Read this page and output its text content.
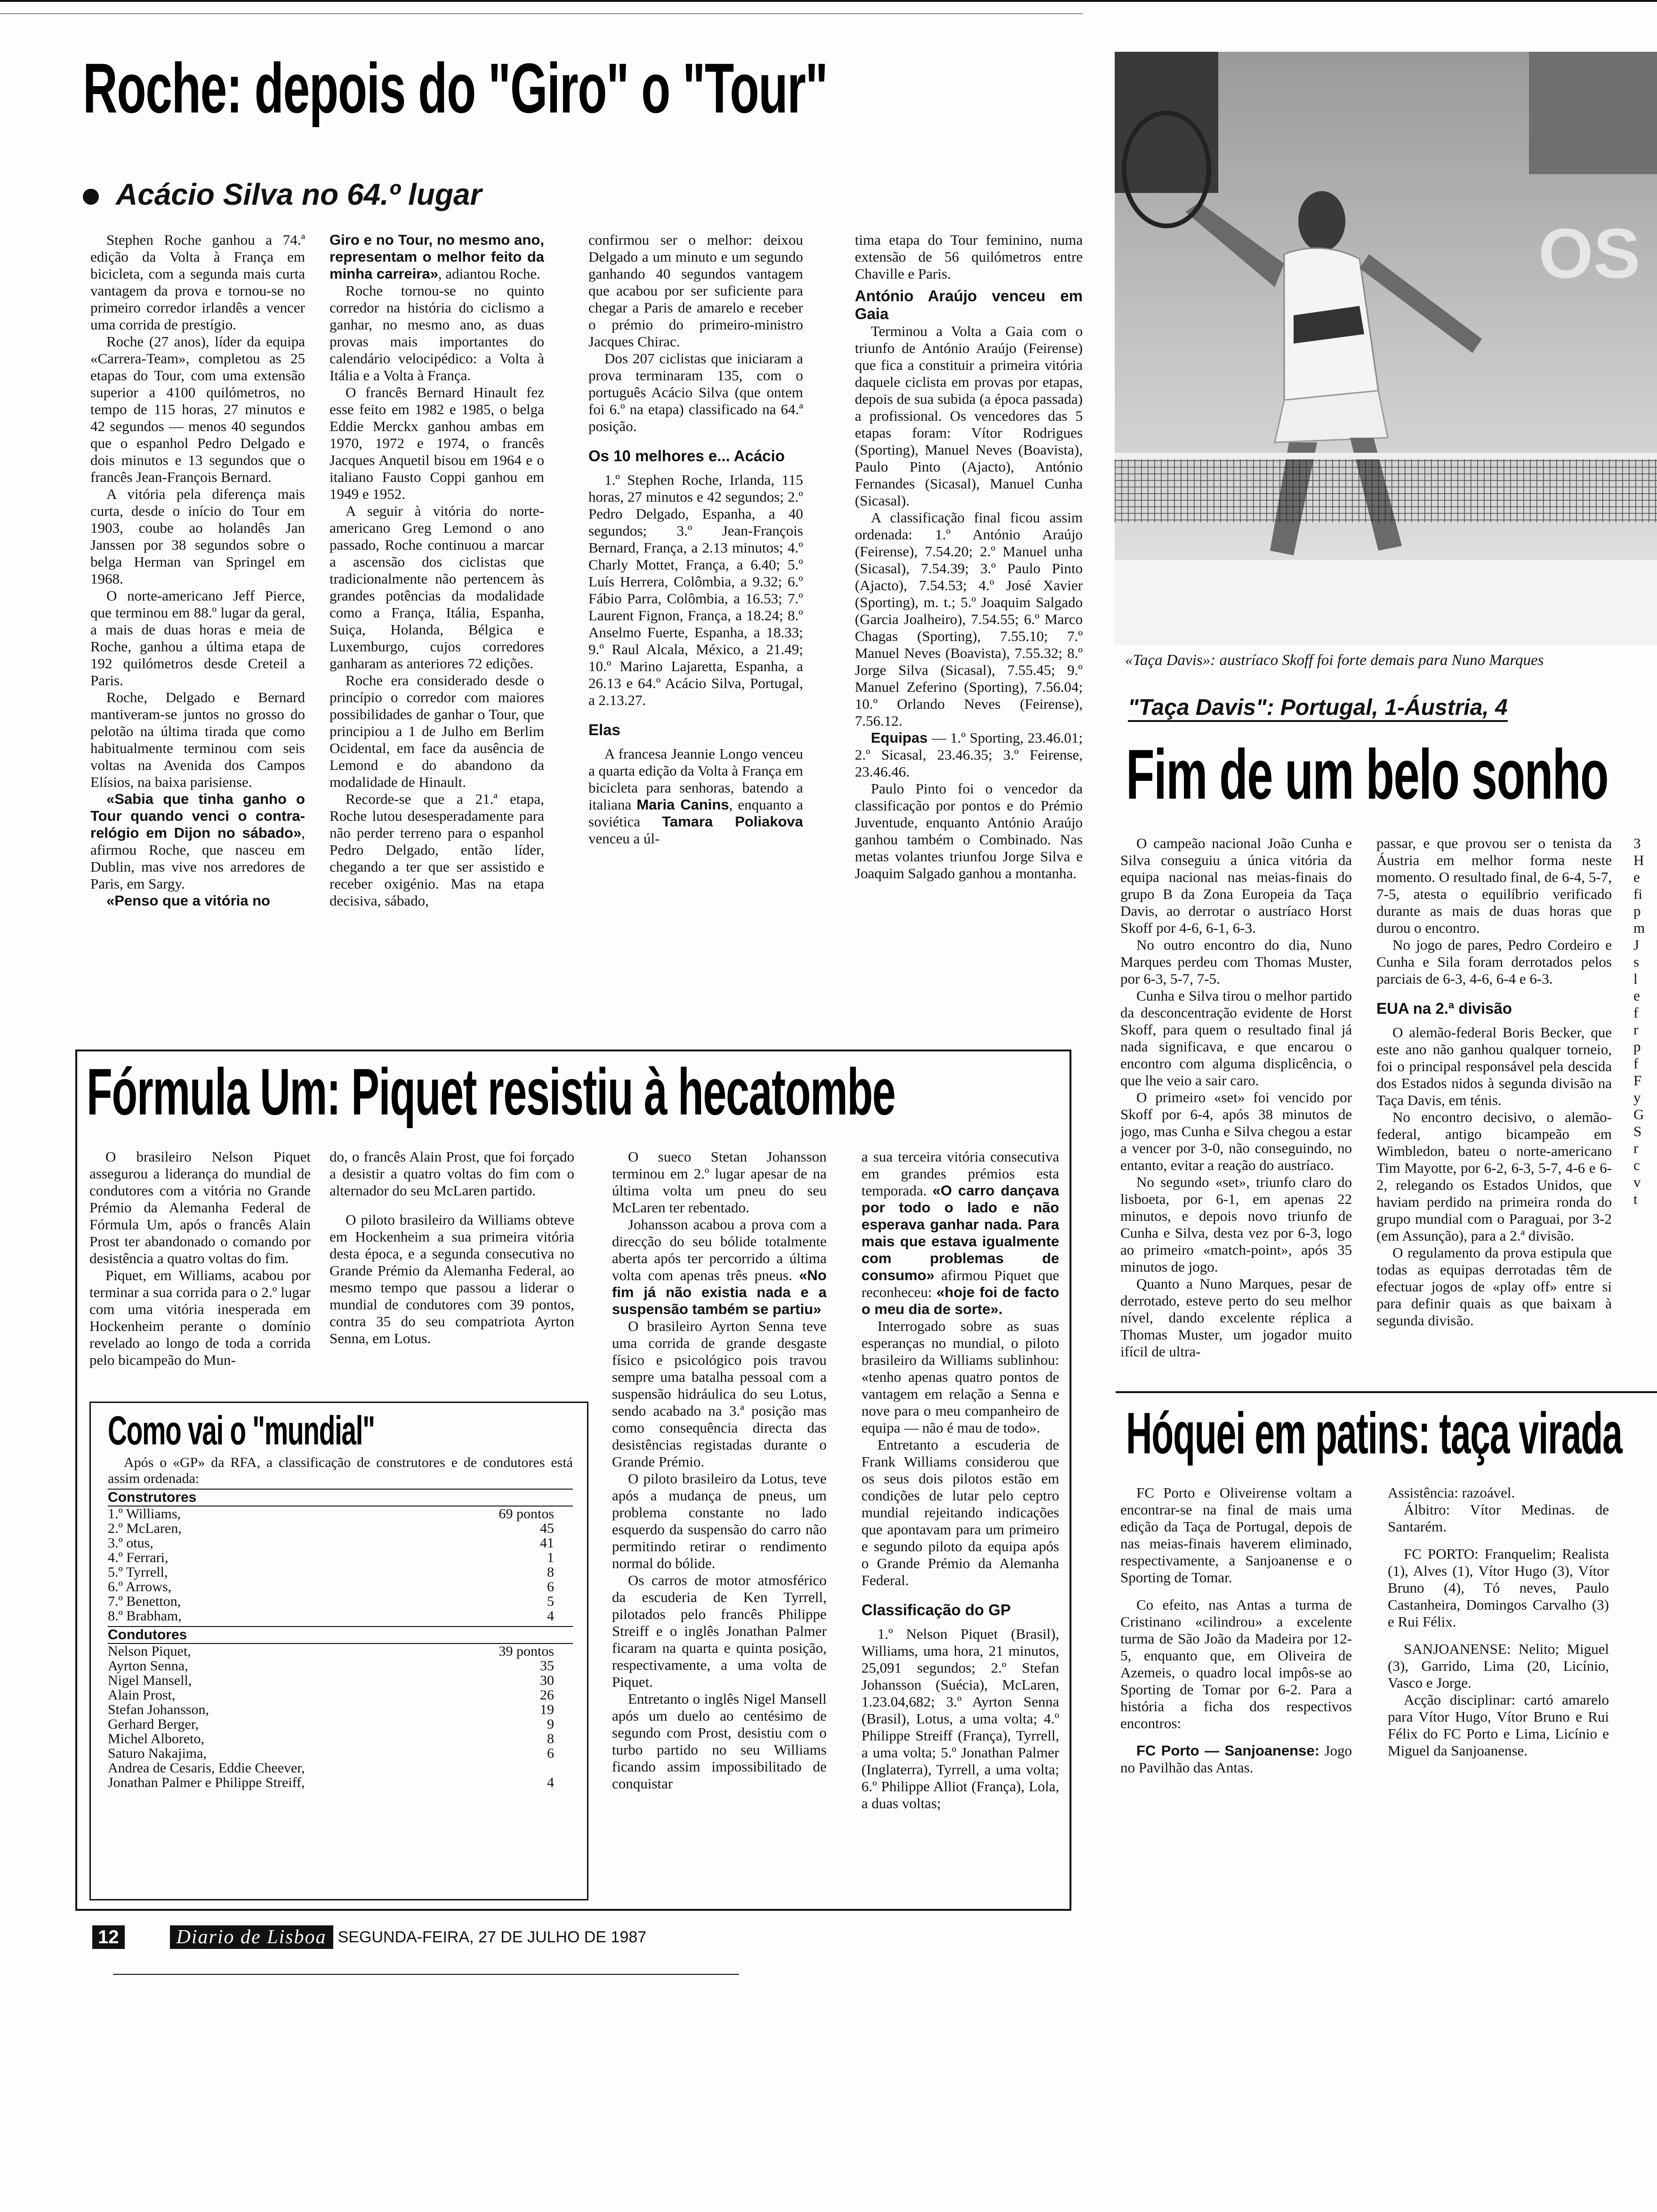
Roche: depois do "Giro" o "Tour"
Acácio Silva no 64.º lugar

Stephen Roche ganhou a 74.ª edição da Volta à França em bicicleta, com a segunda mais curta vantagem da prova e tornou-se no primeiro corredor irlandês a vencer uma corrida de prestígio.

Roche (27 anos), líder da equipa «Carrera-Team», completou as 25 etapas do Tour, com uma extensão superior a 4100 quilómetros, no tempo de 115 horas, 27 minutos e 42 segundos — menos 40 segundos que o espanhol Pedro Delgado e dois minutos e 13 segundos que o francês Jean-François Bernard.

A vitória pela diferença mais curta, desde o início do Tour em 1903, coube ao holandês Jan Janssen por 38 segundos sobre o belga Herman van Springel em 1968.

O norte-americano Jeff Pierce, que terminou em 88.º lugar da geral, a mais de duas horas e meia de Roche, ganhou a última etapa de 192 quilómetros desde Creteil a Paris.

Roche, Delgado e Bernard mantiveram-se juntos no grosso do pelotão na última tirada que como habitualmente terminou com seis voltas na Avenida dos Campos Elísios, na baixa parisiense.

«Sabia que tinha ganho o Tour quando venci o contra-relógio em Dijon no sábado», afirmou Roche, que nasceu em Dublin, mas vive nos arredores de Paris, em Sargy.

«Penso que a vitória no

Giro e no Tour, no mesmo ano, representam o melhor feito da minha carreira», adiantou Roche.

Roche tornou-se no quinto corredor na história do ciclismo a ganhar, no mesmo ano, as duas provas mais importantes do calendário velocipédico: a Volta à Itália e a Volta à França.

O francês Bernard Hinault fez esse feito em 1982 e 1985, o belga Eddie Merckx ganhou ambas em 1970, 1972 e 1974, o francês Jacques Anquetil bisou em 1964 e o italiano Fausto Coppi ganhou em 1949 e 1952.

A seguir à vitória do norte-americano Greg Lemond o ano passado, Roche continuou a marcar a ascensão dos ciclistas que tradicionalmente não pertencem às grandes potências da modalidade como a França, Itália, Espanha, Suiça, Holanda, Bélgica e Luxemburgo, cujos corredores ganharam as anteriores 72 edições.

Roche era considerado desde o princípio o corredor com maiores possibilidades de ganhar o Tour, que principiou a 1 de Julho em Berlim Ocidental, em face da ausência de Lemond e do abandono da modalidade de Hinault.

Recorde-se que a 21.ª etapa, Roche lutou desesperadamente para não perder terreno para o espanhol Pedro Delgado, então líder, chegando a ter que ser assistido e receber oxigénio. Mas na etapa decisiva, sábado,

confirmou ser o melhor: deixou Delgado a um minuto e um segundo ganhando 40 segundos vantagem que acabou por ser suficiente para chegar a Paris de amarelo e receber o prémio do primeiro-ministro Jacques Chirac.

Dos 207 ciclistas que iniciaram a prova terminaram 135, com o português Acácio Silva (que ontem foi 6.º na etapa) classificado na 64.ª posição.

Os 10 melhores e... Acácio

1.º Stephen Roche, Irlanda, 115 horas, 27 minutos e 42 segundos; 2.º Pedro Delgado, Espanha, a 40 segundos; 3.º Jean-François Bernard, França, a 2.13 minutos; 4.º Charly Mottet, França, a 6.40; 5.º Luís Herrera, Colômbia, a 9.32; 6.º Fábio Parra, Colômbia, a 16.53; 7.º Laurent Fignon, França, a 18.24; 8.º Anselmo Fuerte, Espanha, a 18.33; 9.º Raul Alcala, México, a 21.49; 10.º Marino Lajaretta, Espanha, a 26.13 e 64.º Acácio Silva, Portugal, a 2.13.27.

Elas

A francesa Jeannie Longo venceu a quarta edição da Volta à França em bicicleta para senhoras, batendo a italiana Maria Canins, enquanto a soviética Tamara Poliakova venceu a úl-

tima etapa do Tour feminino, numa extensão de 56 quilómetros entre Chaville e Paris.

António Araújo venceu em Gaia

Terminou a Volta a Gaia com o triunfo de António Araújo (Feirense) que fica a constituir a primeira vitória daquele ciclista em provas por etapas, depois de sua subida (a época passada) a profissional. Os vencedores das 5 etapas foram: Vítor Rodrigues (Sporting), Manuel Neves (Boavista), Paulo Pinto (Ajacto), António Fernandes (Sicasal), Manuel Cunha (Sicasal).

A classificação final ficou assim ordenada: 1.º António Araújo (Feirense), 7.54.20; 2.º Manuel unha (Sicasal), 7.54.39; 3.º Paulo Pinto (Ajacto), 7.54.53; 4.º José Xavier (Sporting), m. t.; 5.º Joaquim Salgado (Garcia Joalheiro), 7.54.55; 6.º Marco Chagas (Sporting), 7.55.10; 7.º Manuel Neves (Boavista), 7.55.32; 8.º Jorge Silva (Sicasal), 7.55.45; 9.º Manuel Zeferino (Sporting), 7.56.04; 10.º Orlando Neves (Feirense), 7.56.12.

Equipas — 1.º Sporting, 23.46.01; 2.º Sicasal, 23.46.35; 3.º Feirense, 23.46.46.

Paulo Pinto foi o vencedor da classificação por pontos e do Prémio Juventude, enquanto António Araújo ganhou também o Combinado. Nas metas volantes triunfou Jorge Silva e Joaquim Salgado ganhou a montanha.

Fórmula Um: Piquet resistiu à hecatombe

O brasileiro Nelson Piquet assegurou a liderança do mundial de condutores com a vitória no Grande Prémio da Alemanha Federal de Fórmula Um, após o francês Alain Prost ter abandonado o comando por desistência a quatro voltas do fim.

Piquet, em Williams, acabou por terminar a sua corrida para o 2.º lugar com uma vitória inesperada em Hockenheim perante o domínio revelado ao longo de toda a corrida pelo bicampeão do Mun-

do, o francês Alain Prost, que foi forçado a desistir a quatro voltas do fim com o alternador do seu McLaren partido.

O piloto brasileiro da Williams obteve em Hockenheim a sua primeira vitória desta época, e a segunda consecutiva no Grande Prémio da Alemanha Federal, ao mesmo tempo que passou a liderar o mundial de condutores com 39 pontos, contra 35 do seu compatriota Ayrton Senna, em Lotus.

O sueco Stetan Johansson terminou em 2.º lugar apesar de na última volta um pneu do seu McLaren ter rebentado.

Johansson acabou a prova com a direcção do seu bólide totalmente aberta após ter percorrido a última volta com apenas três pneus. «No fim já não existia nada e a suspensão também se partiu»

O brasileiro Ayrton Senna teve uma corrida de grande desgaste físico e psicológico pois travou sempre uma batalha pessoal com a suspensão hidráulica do seu Lotus, sendo acabado na 3.ª posição mas como consequência directa das desistências registadas durante o Grande Prémio.

O piloto brasileiro da Lotus, teve após a mudança de pneus, um problema constante no lado esquerdo da suspensão do carro não permitindo retirar o rendimento normal do bólide.

Os carros de motor atmosférico da escuderia de Ken Tyrrell, pilotados pelo francês Philippe Streiff e o inglês Jonathan Palmer ficaram na quarta e quinta posição, respectivamente, a uma volta de Piquet.

Entretanto o inglês Nigel Mansell após um duelo ao centésimo de segundo com Prost, desistiu com o turbo partido no seu Williams ficando assim impossibilitado de conquistar

a sua terceira vitória consecutiva em grandes prémios esta temporada. «O carro dançava por todo o lado e não esperava ganhar nada. Para mais que estava igualmente com problemas de consumo» afirmou Piquet que reconheceu: «hoje foi de facto o meu dia de sorte».

Interrogado sobre as suas esperanças no mundial, o piloto brasileiro da Williams sublinhou: «tenho apenas quatro pontos de vantagem em relação a Senna e nove para o meu companheiro de equipa — não é mau de todo».

Entretanto a escuderia de Frank Williams considerou que os seus dois pilotos estão em condições de lutar pelo ceptro mundial rejeitando indicações que apontavam para um primeiro e segundo piloto da equipa após o Grande Prémio da Alemanha Federal.

Classificação do GP

1.º Nelson Piquet (Brasil), Williams, uma hora, 21 minutos, 25,091 segundos; 2.º Stefan Johansson (Suécia), McLaren, 1.23.04,682; 3.º Ayrton Senna (Brasil), Lotus, a uma volta; 4.º Philippe Streiff (França), Tyrrell, a uma volta; 5.º Jonathan Palmer (Inglaterra), Tyrrell, a uma volta; 6.º Philippe Alliot (França), Lola, a duas voltas;

Como vai o "mundial"
Após o «GP» da RFA, a classificação de construtores e de condutores está assim ordenada:
Construtores
1.º Williams,	69 pontos
2.º McLaren,	45
3.º otus,	41
4.º Ferrari,	1
5.º Tyrrell,	8
6.º Arrows,	6
7.º Benetton,	5
8.º Brabham,	4
Condutores
Nelson Piquet,	39 pontos
Ayrton Senna,	35
Nigel Mansell,	30
Alain Prost,	26
Stefan Johansson,	19
Gerhard Berger,	9
Michel Alboreto,	8
Saturo Nakajima,	6
Andrea de Cesaris, Eddie Cheever,	
Jonathan Palmer e Philippe Streiff,	4
OS
«Taça Davis»: austríaco Skoff foi forte demais para Nuno Marques
"Taça Davis": Portugal, 1-Áustria, 4
Fim de um belo sonho

O campeão nacional João Cunha e Silva conseguiu a única vitória da equipa nacional nas meias-finais do grupo B da Zona Europeia da Taça Davis, ao derrotar o austríaco Horst Skoff por 4-6, 6-1, 6-3.

No outro encontro do dia, Nuno Marques perdeu com Thomas Muster, por 6-3, 5-7, 7-5.

Cunha e Silva tirou o melhor partido da desconcentração evidente de Horst Skoff, para quem o resultado final já nada significava, e que encarou o encontro com alguma displicência, o que lhe veio a sair caro.

O primeiro «set» foi vencido por Skoff por 6-4, após 38 minutos de jogo, mas Cunha e Silva chegou a estar a vencer por 3-0, não conseguindo, no entanto, evitar a reação do austríaco.

No segundo «set», triunfo claro do lisboeta, por 6-1, em apenas 22 minutos, e depois novo triunfo de Cunha e Silva, desta vez por 6-3, logo ao primeiro «match-point», após 35 minutos de jogo.

Quanto a Nuno Marques, pesar de derrotado, esteve perto do seu melhor nível, dando excelente réplica a Thomas Muster, um jogador muito ifícil de ultra-

passar, e que provou ser o tenista da Áustria em melhor forma neste momento. O resultado final, de 6-4, 5-7, 7-5, atesta o equilíbrio verificado durante as mais de duas horas que durou o encontro.

No jogo de pares, Pedro Cordeiro e Cunha e Sila foram derrotados pelos parciais de 6-3, 4-6, 6-4 e 6-3.

EUA na 2.ª divisão

O alemão-federal Boris Becker, que este ano não ganhou qualquer torneio, foi o principal responsável pela descida dos Estados nidos à segunda divisão na Taça Davis, em ténis.

No encontro decisivo, o alemão-federal, antigo bicampeão em Wimbledon, bateu o norte-americano Tim Mayotte, por 6-2, 6-3, 5-7, 4-6 e 6-2, relegando os Estados Unidos, que haviam perdido na primeira ronda do grupo mundial com o Paraguai, por 3-2 (em Assunção), para a 2.ª divisão.

O regulamento da prova estipula que todas as equipas derrotadas têm de efectuar jogos de «play off» entre si para definir quais as que baixam à segunda divisão.

3
H
e
fi
p
m
J
s
l
e
f
r
p
f
F
y
G
S
r
c
v
t
Hóquei em patins: taça virada

FC Porto e Oliveirense voltam a encontrar-se na final de mais uma edição da Taça de Portugal, depois de nas meias-finais haverem eliminado, respectivamente, a Sanjoanense e o Sporting de Tomar.

Co efeito, nas Antas a turma de Cristinano «cilindrou» a excelente turma de São João da Madeira por 12-5, enquanto que, em Oliveira de Azemeis, o quadro local impôs-se ao Sporting de Tomar por 6-2. Para a história a ficha dos respectivos encontros:

FC Porto — Sanjoanense: Jogo no Pavilhão das Antas.

Assistência: razoável.

Álbitro: Vítor Medinas. de Santarém.

FC PORTO: Franquelim; Realista (1), Alves (1), Vítor Hugo (3), Vítor Bruno (4), Tó neves, Paulo Castanheira, Domingos Carvalho (3) e Rui Félix.

SANJOANENSE: Nelito; Miguel (3), Garrido, Lima (20, Licínio, Vasco e Jorge.

Acção disciplinar: cartó amarelo para Vítor Hugo, Vítor Bruno e Rui Félix do FC Porto e Lima, Licínio e Miguel da Sanjoanense.

12	Diario de Lisboa SEGUNDA-FEIRA, 27 DE JULHO DE 1987
